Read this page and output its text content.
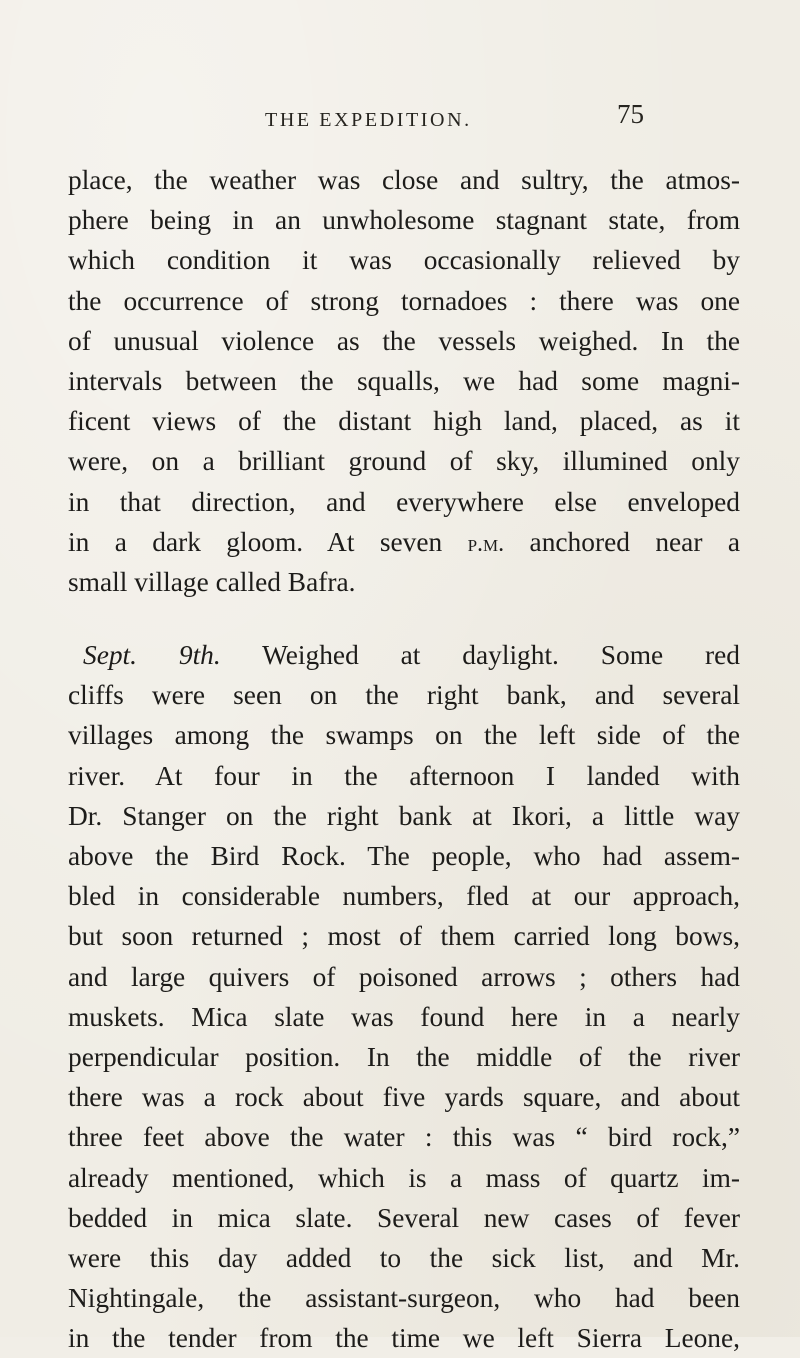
THE EXPEDITION.	75
place, the weather was close and sultry, the atmos-
phere being in an unwholesome stagnant state, from
which condition it was occasionally relieved by
the occurrence of strong tornadoes : there was one
of unusual violence as the vessels weighed. In the
intervals between the squalls, we had some magni-
ficent views of the distant high land, placed, as it
were, on a brilliant ground of sky, illumined only
in that direction, and everywhere else enveloped
in a dark gloom. At seven p.m. anchored near a
small village called Bafra.
Sept. 9th. Weighed at daylight. Some red
cliffs were seen on the right bank, and several
villages among the swamps on the left side of the
river. At four in the afternoon I landed with
Dr. Stanger on the right bank at Ikori, a little way
above the Bird Rock. The people, who had assem-
bled in considerable numbers, fled at our approach,
but soon returned ; most of them carried long bows,
and large quivers of poisoned arrows ; others had
muskets. Mica slate was found here in a nearly
perpendicular position. In the middle of the river
there was a rock about five yards square, and about
three feet above the water : this was “ bird rock,”
already mentioned, which is a mass of quartz im-
bedded in mica slate. Several new cases of fever
were this day added to the sick list, and Mr.
Nightingale, the assistant-surgeon, who had been
in the tender from the time we left Sierra Leone,
